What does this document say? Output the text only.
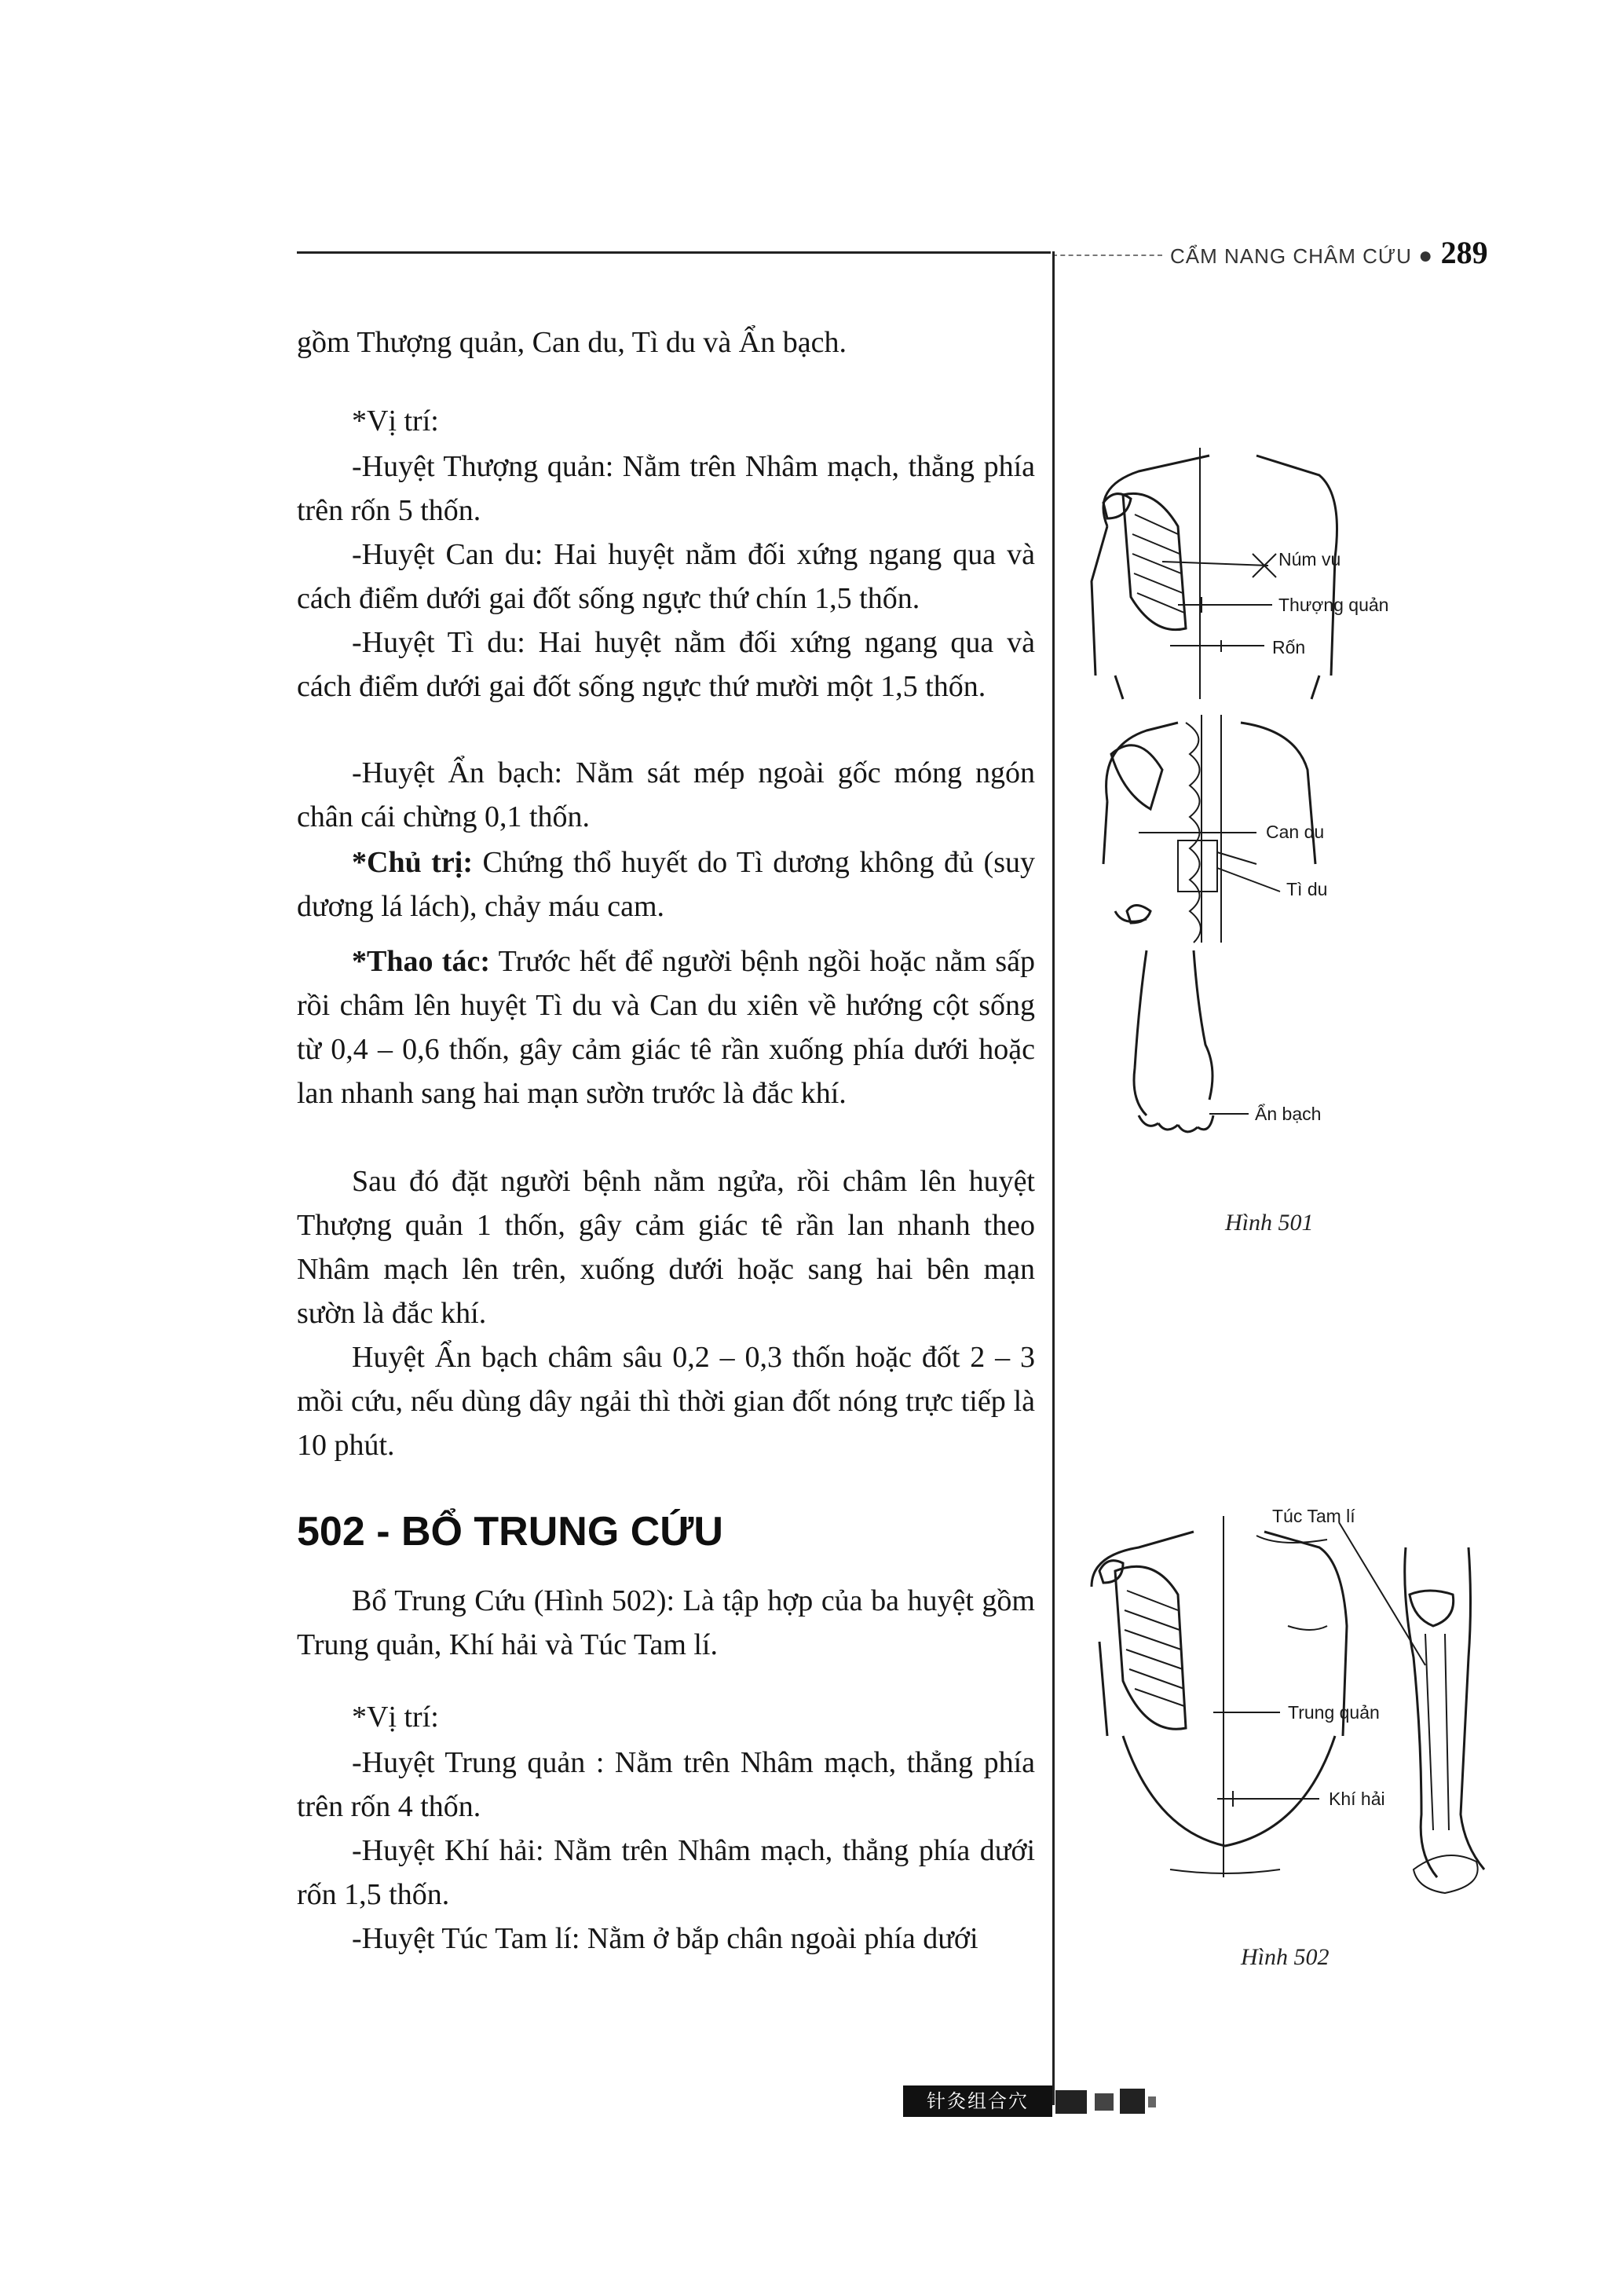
CẨM NANG CHÂM CỨU ● 289
gồm Thượng quản, Can du, Tì du và Ẩn bạch.
*Vị trí:
-Huyệt Thượng quản: Nằm trên Nhâm mạch, thẳng phía trên rốn 5 thốn.
-Huyệt Can du: Hai huyệt nằm đối xứng ngang qua và cách điểm dưới gai đốt sống ngực thứ chín 1,5 thốn.
-Huyệt Tì du: Hai huyệt nằm đối xứng ngang qua và cách điểm dưới gai đốt sống ngực thứ mười một 1,5 thốn.
-Huyệt Ẩn bạch: Nằm sát mép ngoài gốc móng ngón chân cái chừng 0,1 thốn.
*Chủ trị: Chứng thổ huyết do Tì dương không đủ (suy dương lá lách), chảy máu cam.
*Thao tác: Trước hết để người bệnh ngồi hoặc nằm sấp rồi châm lên huyệt Tì du và Can du xiên về hướng cột sống từ 0,4 – 0,6 thốn, gây cảm giác tê rần xuống phía dưới hoặc lan nhanh sang hai mạn sườn trước là đắc khí.
Sau đó đặt người bệnh nằm ngửa, rồi châm lên huyệt Thượng quản 1 thốn, gây cảm giác tê rần lan nhanh theo Nhâm mạch lên trên, xuống dưới hoặc sang hai bên mạn sườn là đắc khí.
Huyệt Ẩn bạch châm sâu 0,2 – 0,3 thốn hoặc đốt 2 – 3 mồi cứu, nếu dùng dây ngải thì thời gian đốt nóng trực tiếp là 10 phút.
502 - BỔ TRUNG CỨU
Bổ Trung Cứu (Hình 502): Là tập hợp của ba huyệt gồm Trung quản, Khí hải và Túc Tam lí.
*Vị trí:
-Huyệt Trung quản : Nằm trên Nhâm mạch, thẳng phía trên rốn 4 thốn.
-Huyệt Khí hải: Nằm trên Nhâm mạch, thẳng phía dưới rốn 1,5 thốn.
-Huyệt Túc Tam lí: Nằm ở bắp chân ngoài phía dưới
Núm vu
Thượng quản
Rốn
Can du
Tì du
Ẩn bạch
Hình 501
Túc Tam lí
Trung quản
Khí hải
Hình 502
针灸组合穴
